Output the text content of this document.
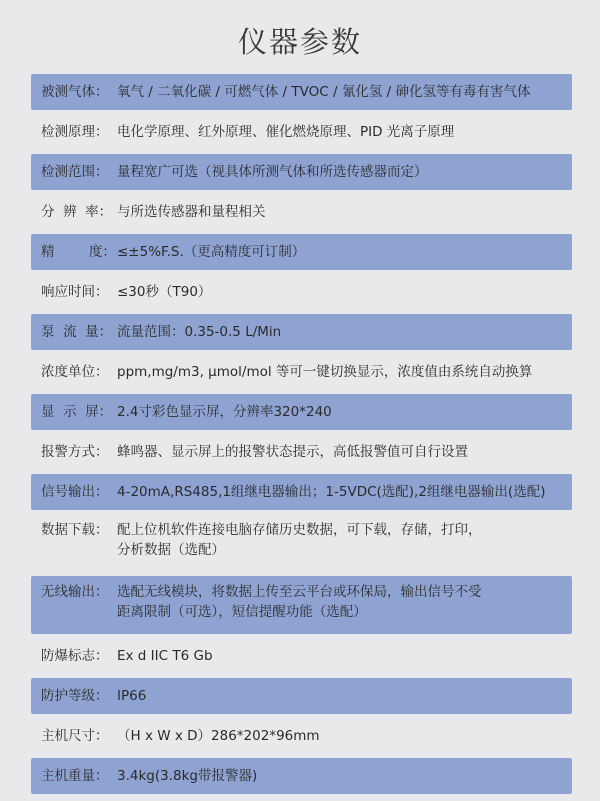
仪器参数
被测气体： 氧气 / 二氧化碳 / 可燃气体 / TVOC / 氰化氢 / 砷化氢等有毒有害气体
检测原理： 电化学原理、红外原理、催化燃烧原理、PID 光离子原理
检测范围： 量程宽广可选（视具体所测气体和所选传感器而定）
分  辨  率： 与所选传感器和量程相关
精        度： ≤±5%F.S.（更高精度可订制）
响应时间： ≤30秒（T90）
泵  流  量： 流量范围：0.35-0.5 L/Min
浓度单位： ppm,mg/m3, μmol/mol 等可一键切换显示，浓度值由系统自动换算
显  示  屏： 2.4寸彩色显示屏，分辨率320*240
报警方式： 蜂鸣器、显示屏上的报警状态提示，高低报警值可自行设置
信号输出： 4-20mA,RS485,1组继电器输出；1-5VDC(选配),2组继电器输出(选配)
数据下载： 配上位机软件连接电脑存储历史数据，可下载，存储，打印，
分析数据（选配）
无线输出： 选配无线模块，将数据上传至云平台或环保局，输出信号不受
距离限制（可选），短信提醒功能（选配）
防爆标志： Ex d IIC T6 Gb
防护等级： IP66
主机尺寸： （H x W x D）286*202*96mm
主机重量： 3.4kg(3.8kg带报警器)
